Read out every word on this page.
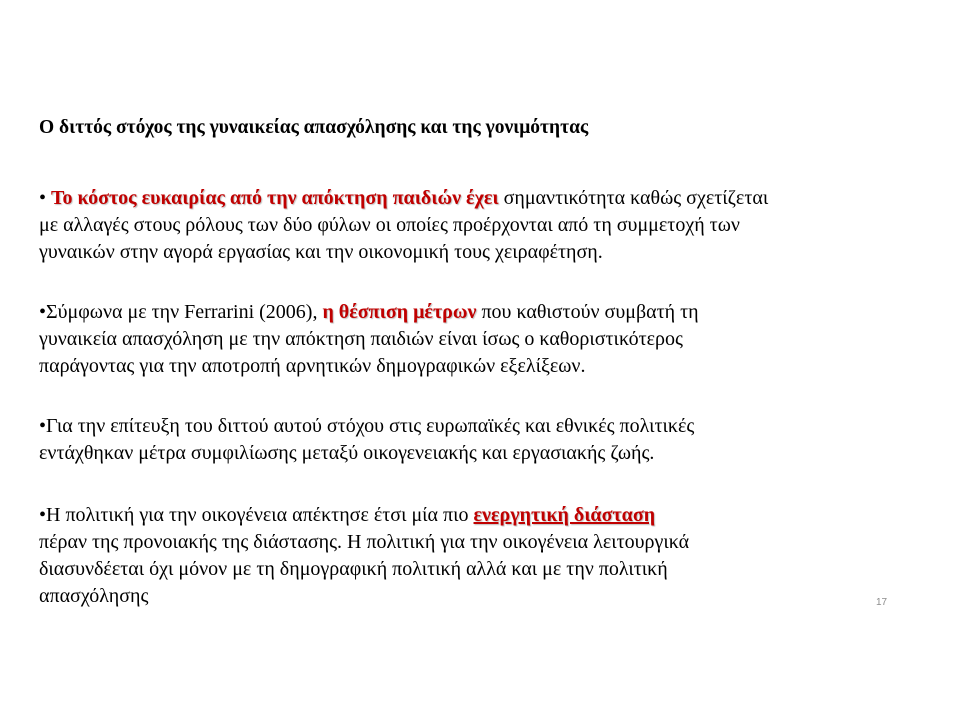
Ο διττός στόχος της γυναικείας απασχόλησης και της γονιμότητας
• Το κόστος ευκαιρίας από την απόκτηση παιδιών έχει σημαντικότητα καθώς σχετίζεται
με αλλαγές στους ρόλους των δύο φύλων οι οποίες προέρχονται από τη συμμετοχή των
γυναικών στην αγορά εργασίας και την οικονομική τους χειραφέτηση.
•Σύμφωνα με την Ferrarini (2006), η θέσπιση μέτρων που καθιστούν συμβατή τη
γυναικεία απασχόληση με την απόκτηση παιδιών είναι ίσως ο καθοριστικότερος
παράγοντας για την αποτροπή αρνητικών δημογραφικών εξελίξεων.
•Για την επίτευξη του διττού αυτού στόχου στις ευρωπαϊκές και εθνικές πολιτικές
εντάχθηκαν μέτρα συμφιλίωσης μεταξύ οικογενειακής και εργασιακής ζωής.
•Η πολιτική για την οικογένεια απέκτησε έτσι μία πιο ενεργητική διάσταση
πέραν της προνοιακής της διάστασης. Η πολιτική για την οικογένεια λειτουργικά
διασυνδέεται όχι μόνον με τη δημογραφική πολιτική αλλά και με την πολιτική
απασχόλησης	17
